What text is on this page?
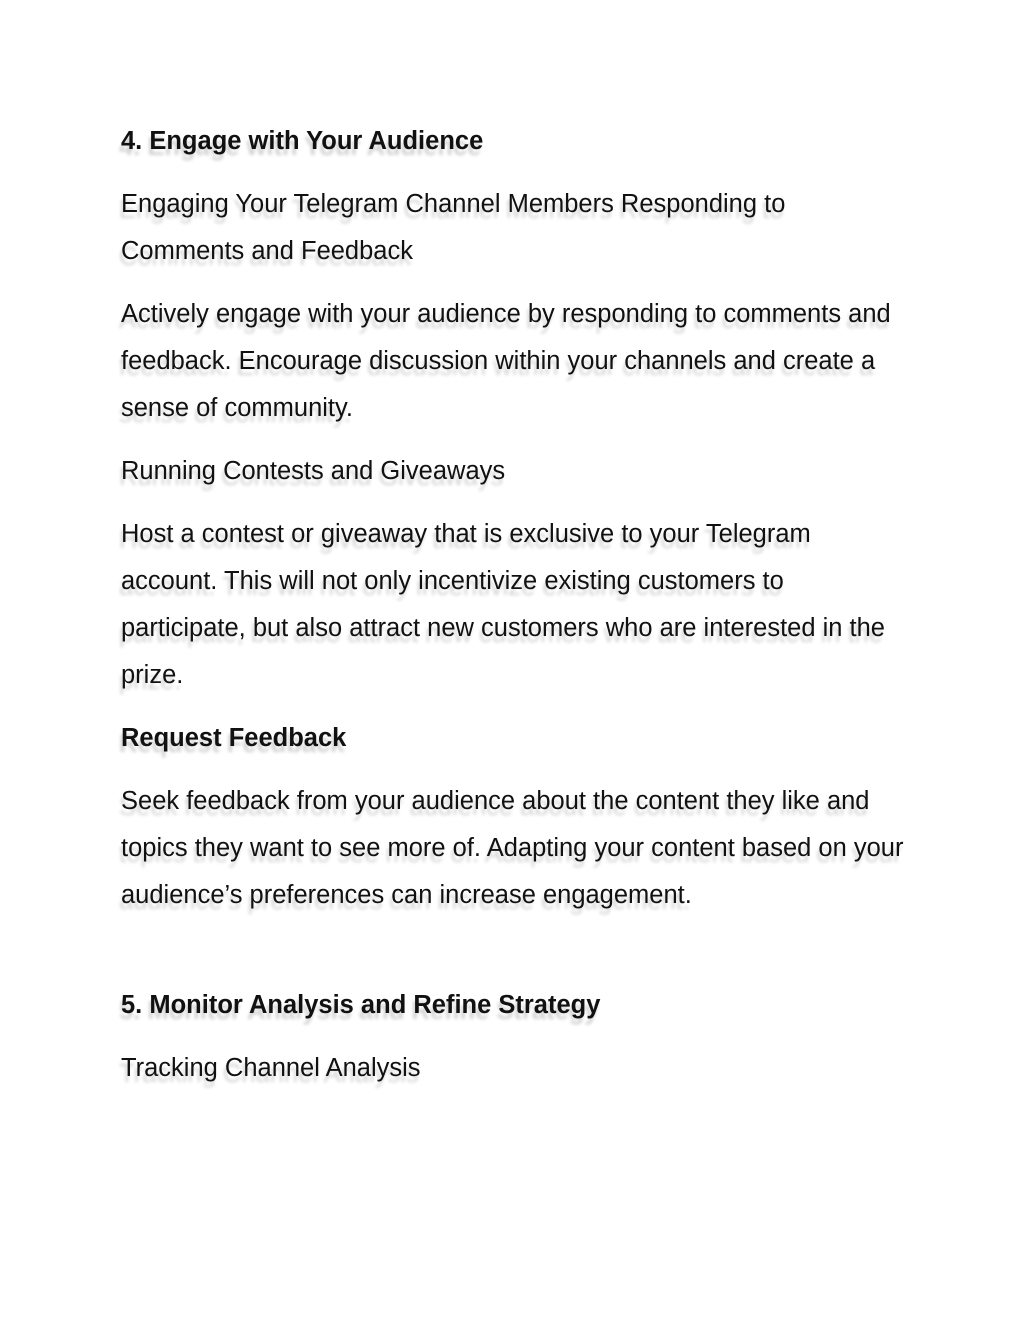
4. Engage with Your Audience

Engaging Your Telegram Channel Members Responding to Comments and Feedback

Actively engage with your audience by responding to comments and feedback. Encourage discussion within your channels and create a sense of community.

Running Contests and Giveaways

Host a contest or giveaway that is exclusive to your Telegram account. This will not only incentivize existing customers to participate, but also attract new customers who are interested in the prize.

Request Feedback

Seek feedback from your audience about the content they like and topics they want to see more of. Adapting your content based on your audience’s preferences can increase engagement.

5. Monitor Analysis and Refine Strategy

Tracking Channel Analysis
